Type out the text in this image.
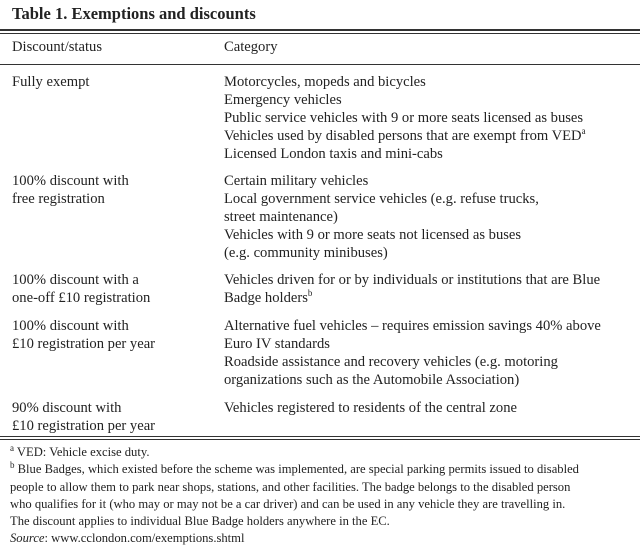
Table 1. Exemptions and discounts
Discount/status	Category
Fully exempt	Motorcycles, mopeds and bicycles
Emergency vehicles
Public service vehicles with 9 or more seats licensed as buses
Vehicles used by disabled persons that are exempt from VED$^a$
Licensed London taxis and mini-cabs
100% discount with
free registration
Certain military vehicles
Local government service vehicles (e.g. refuse trucks,
street maintenance)
Vehicles with 9 or more seats not licensed as buses
(e.g. community minibuses)
100% discount with a
one-off £10 registration
Vehicles driven for or by individuals or institutions that are Blue
Badge holders$^b$
100% discount with
£10 registration per year
Alternative fuel vehicles – requires emission savings 40% above
Euro IV standards
Roadside assistance and recovery vehicles (e.g. motoring
organizations such as the Automobile Association)
90% discount with
£10 registration per year
Vehicles registered to residents of the central zone
$^a$ VED: Vehicle excise duty.
$^b$ Blue Badges, which existed before the scheme was implemented, are special parking permits issued to disabled
people to allow them to park near shops, stations, and other facilities. The badge belongs to the disabled person
who qualifies for it (who may or may not be a car driver) and can be used in any vehicle they are travelling in.
The discount applies to individual Blue Badge holders anywhere in the EC.
Source: www.cclondon.com/exemptions.shtml
